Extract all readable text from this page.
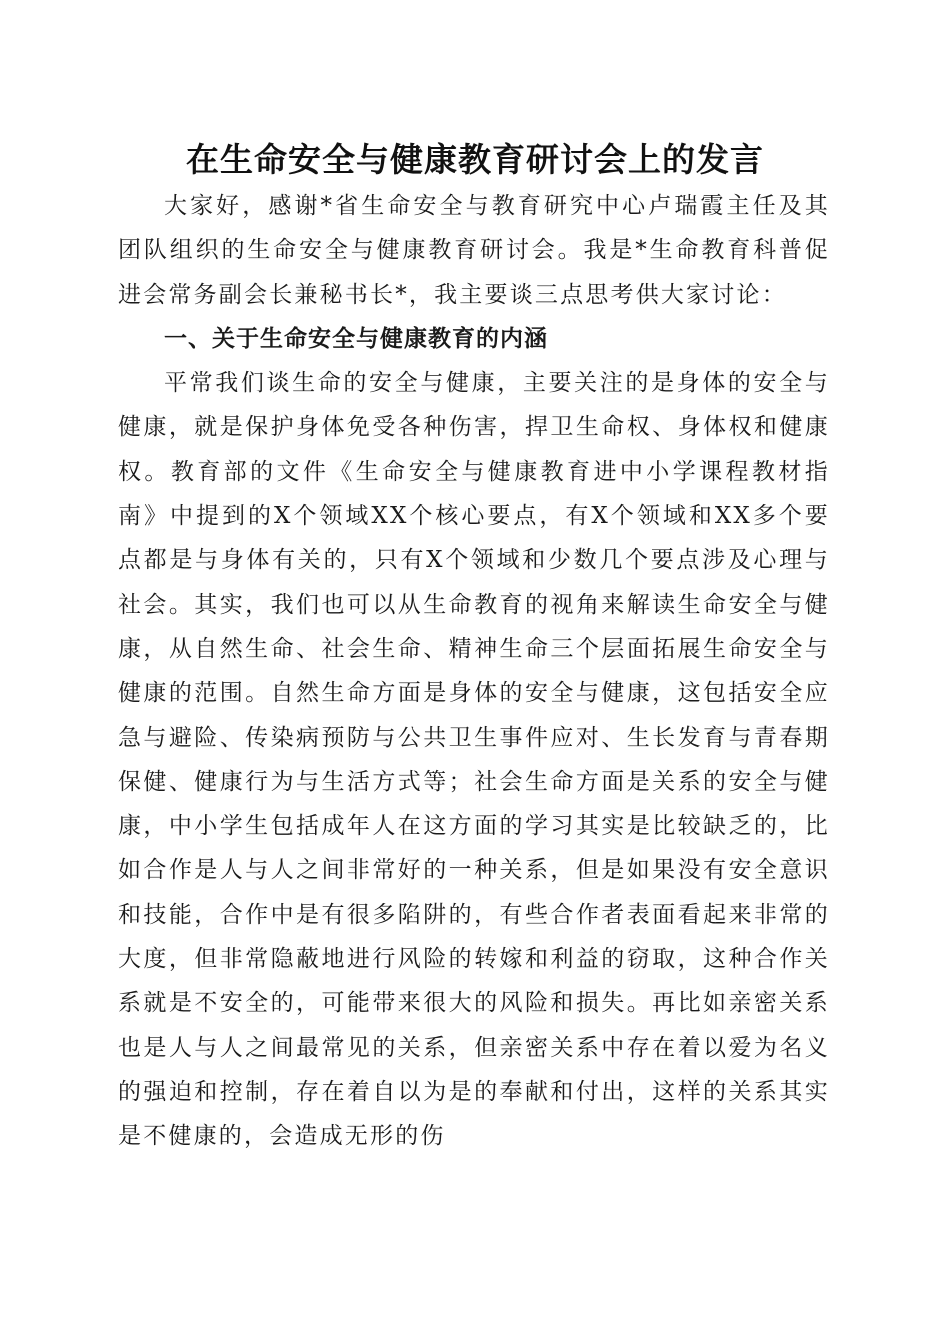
在生命安全与健康教育研讨会上的发言

大家好，感谢*省生命安全与教育研究中心卢瑞霞主任及其团队组织的生命安全与健康教育研讨会。我是*生命教育科普促进会常务副会长兼秘书长*，我主要谈三点思考供大家讨论：

一、关于生命安全与健康教育的内涵

平常我们谈生命的安全与健康，主要关注的是身体的安全与健康，就是保护身体免受各种伤害，捍卫生命权、身体权和健康权。教育部的文件《生命安全与健康教育进中小学课程教材指南》中提到的X个领域XX个核心要点，有X个领域和XX多个要点都是与身体有关的，只有X个领域和少数几个要点涉及心理与社会。其实，我们也可以从生命教育的视角来解读生命安全与健康，从自然生命、社会生命、精神生命三个层面拓展生命安全与健康的范围。自然生命方面是身体的安全与健康，这包括安全应急与避险、传染病预防与公共卫生事件应对、生长发育与青春期保健、健康行为与生活方式等；社会生命方面是关系的安全与健康，中小学生包括成年人在这方面的学习其实是比较缺乏的，比如合作是人与人之间非常好的一种关系，但是如果没有安全意识和技能，合作中是有很多陷阱的，有些合作者表面看起来非常的大度，但非常隐蔽地进行风险的转嫁和利益的窃取，这种合作关系就是不安全的，可能带来很大的风险和损失。再比如亲密关系也是人与人之间最常见的关系，但亲密关系中存在着以爱为名义的强迫和控制，存在着自以为是的奉献和付出，这样的关系其实是不健康的，会造成无形的伤
